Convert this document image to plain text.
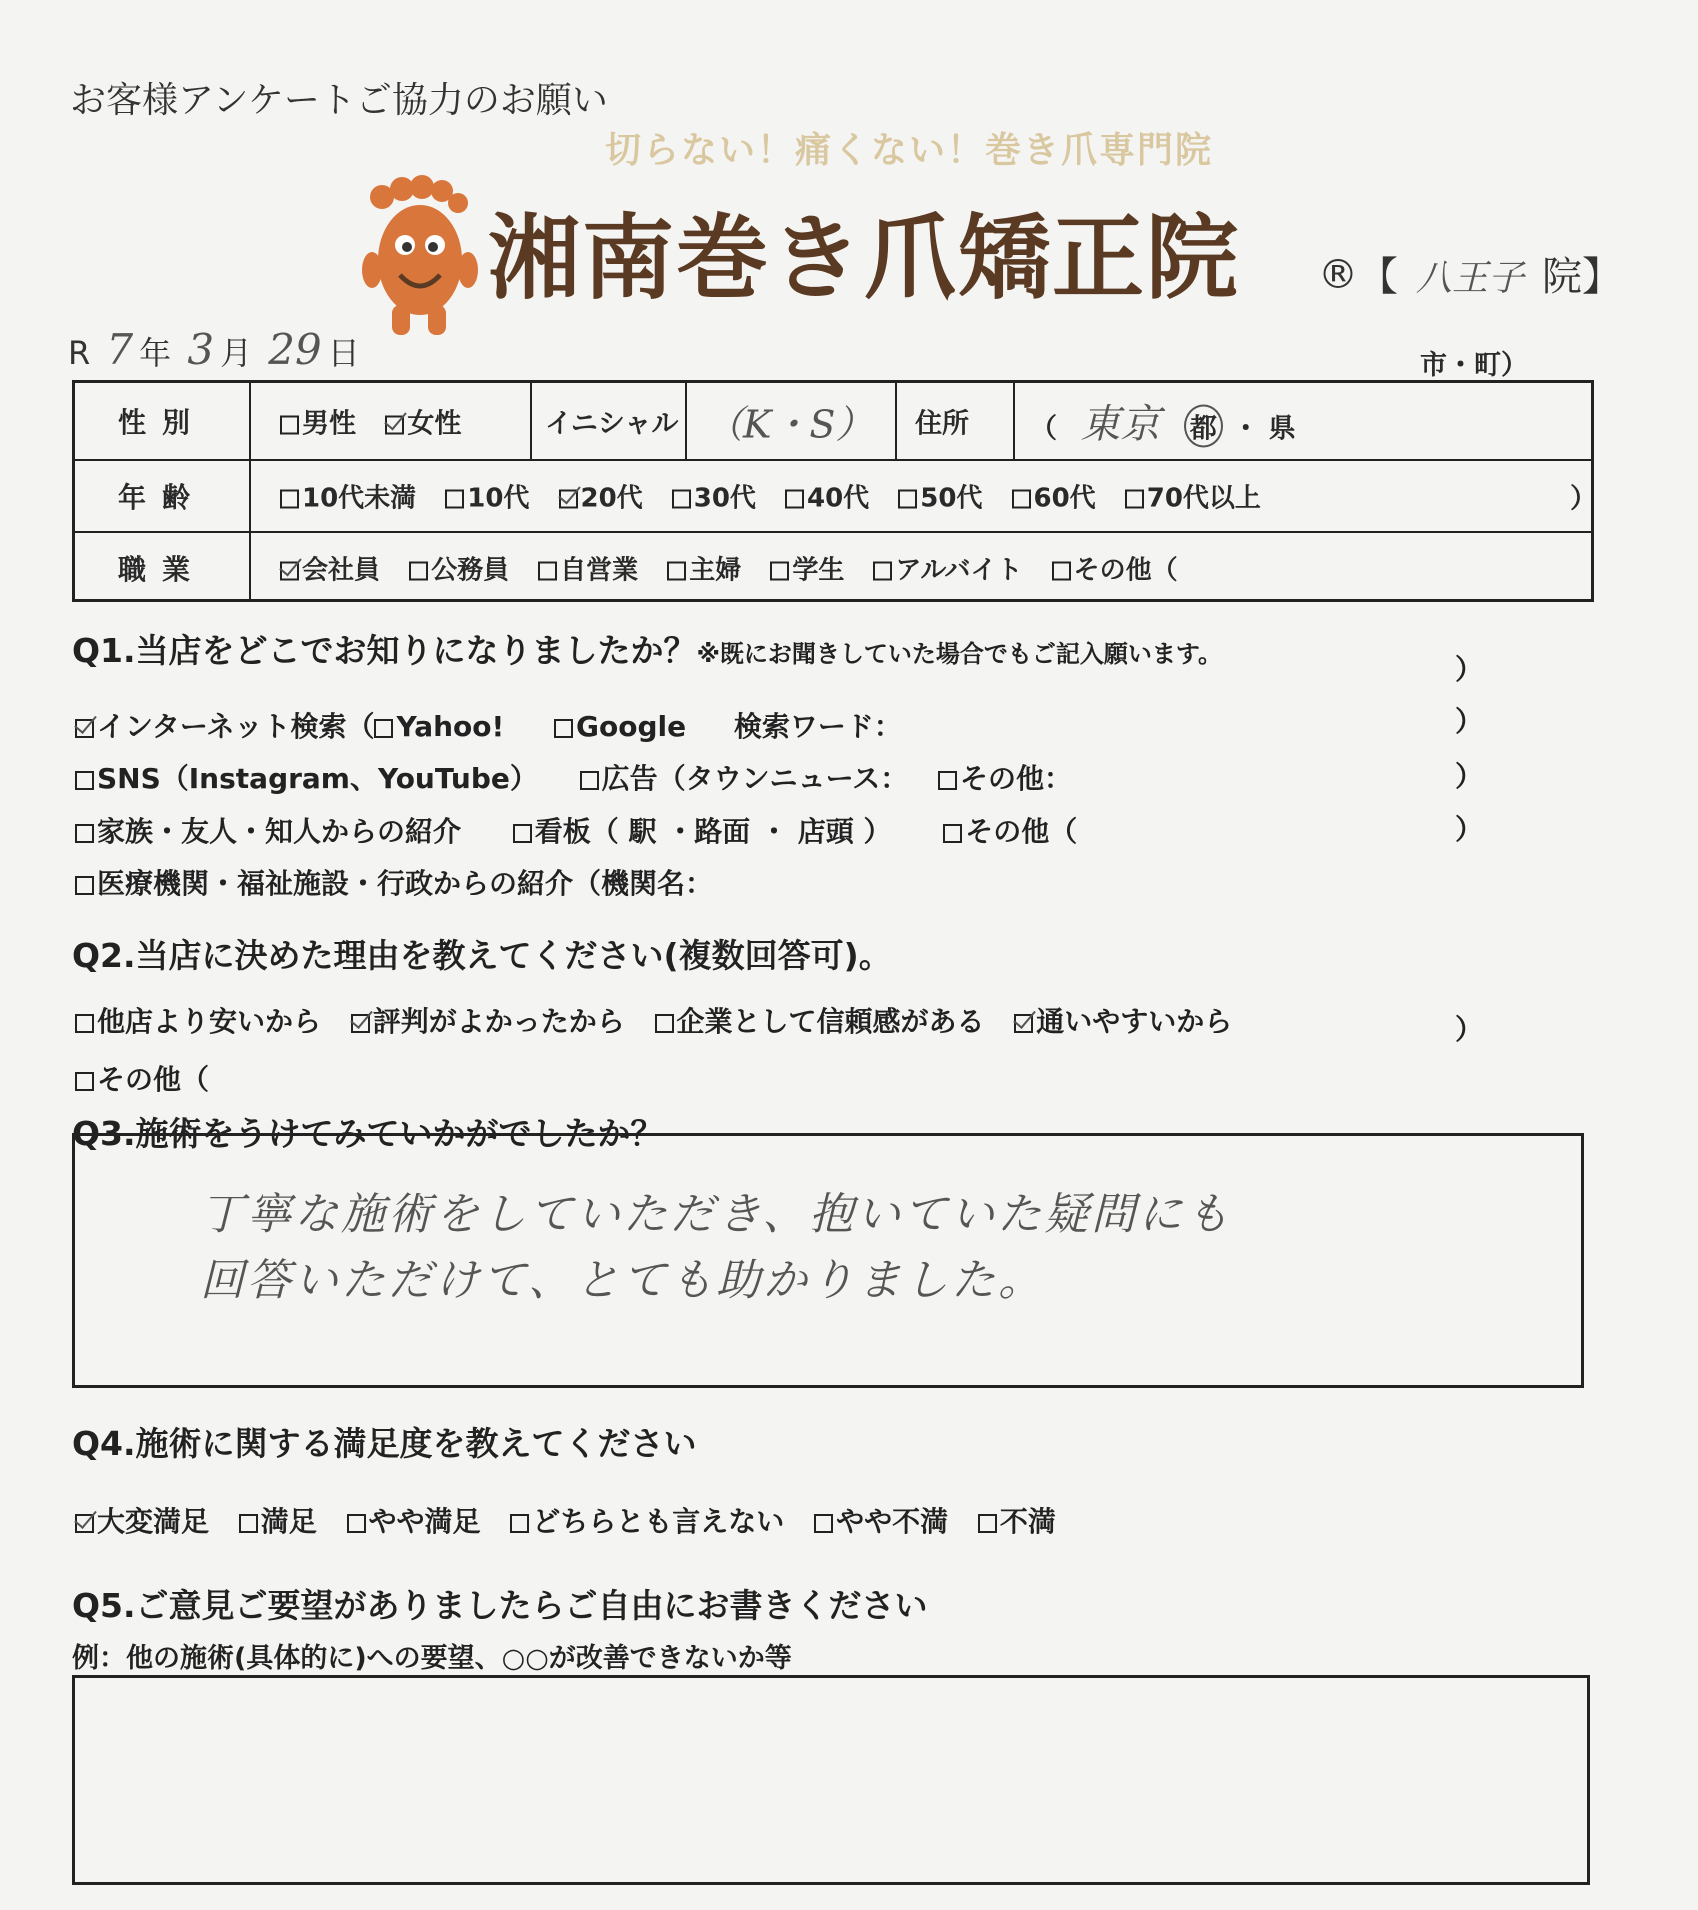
お客様アンケートご協力のお願い
切らない！痛くない！巻き爪専門院
湘南巻き爪矯正院 ® 【 八王子 院】
R 7 年 3 月 29 日
性別	男性 女性	イニシャル （K・S） 住所 （ 東京 都 ・ 県
市・町）
年齢	10代未満 10代 20代 30代 40代 50代 60代 70代以上	）
職業	会社員 公務員 自営業 主婦 学生 アルバイト その他（
Q1.当店をどこでお知りになりましたか？※既にお聞きしていた場合でもご記入願います。	）
インターネット検索（ Yahoo!	Google 検索ワード：	）
SNS（Instagram、YouTube） 広告（タウンニュース： その他：	）
家族・友人・知人からの紹介	看板（ 駅 ・路面 ・ 店頭 ）	その他（	）
医療機関・福祉施設・行政からの紹介（機関名：
Q2.当店に決めた理由を教えてください(複数回答可)。
他店より安いから 評判がよかったから 企業として信頼感がある 通いやすいから	）
その他（
Q3.施術をうけてみていかがでしたか？
丁寧な施術をしていただき、抱いていた疑問にも
回答いただけて、とても助かりました。
Q4.施術に関する満足度を教えてください
大変満足 満足 やや満足 どちらとも言えない やや不満 不満
Q5.ご意見ご要望がありましたらご自由にお書きください
例：他の施術(具体的に)への要望、○○が改善できないか等
